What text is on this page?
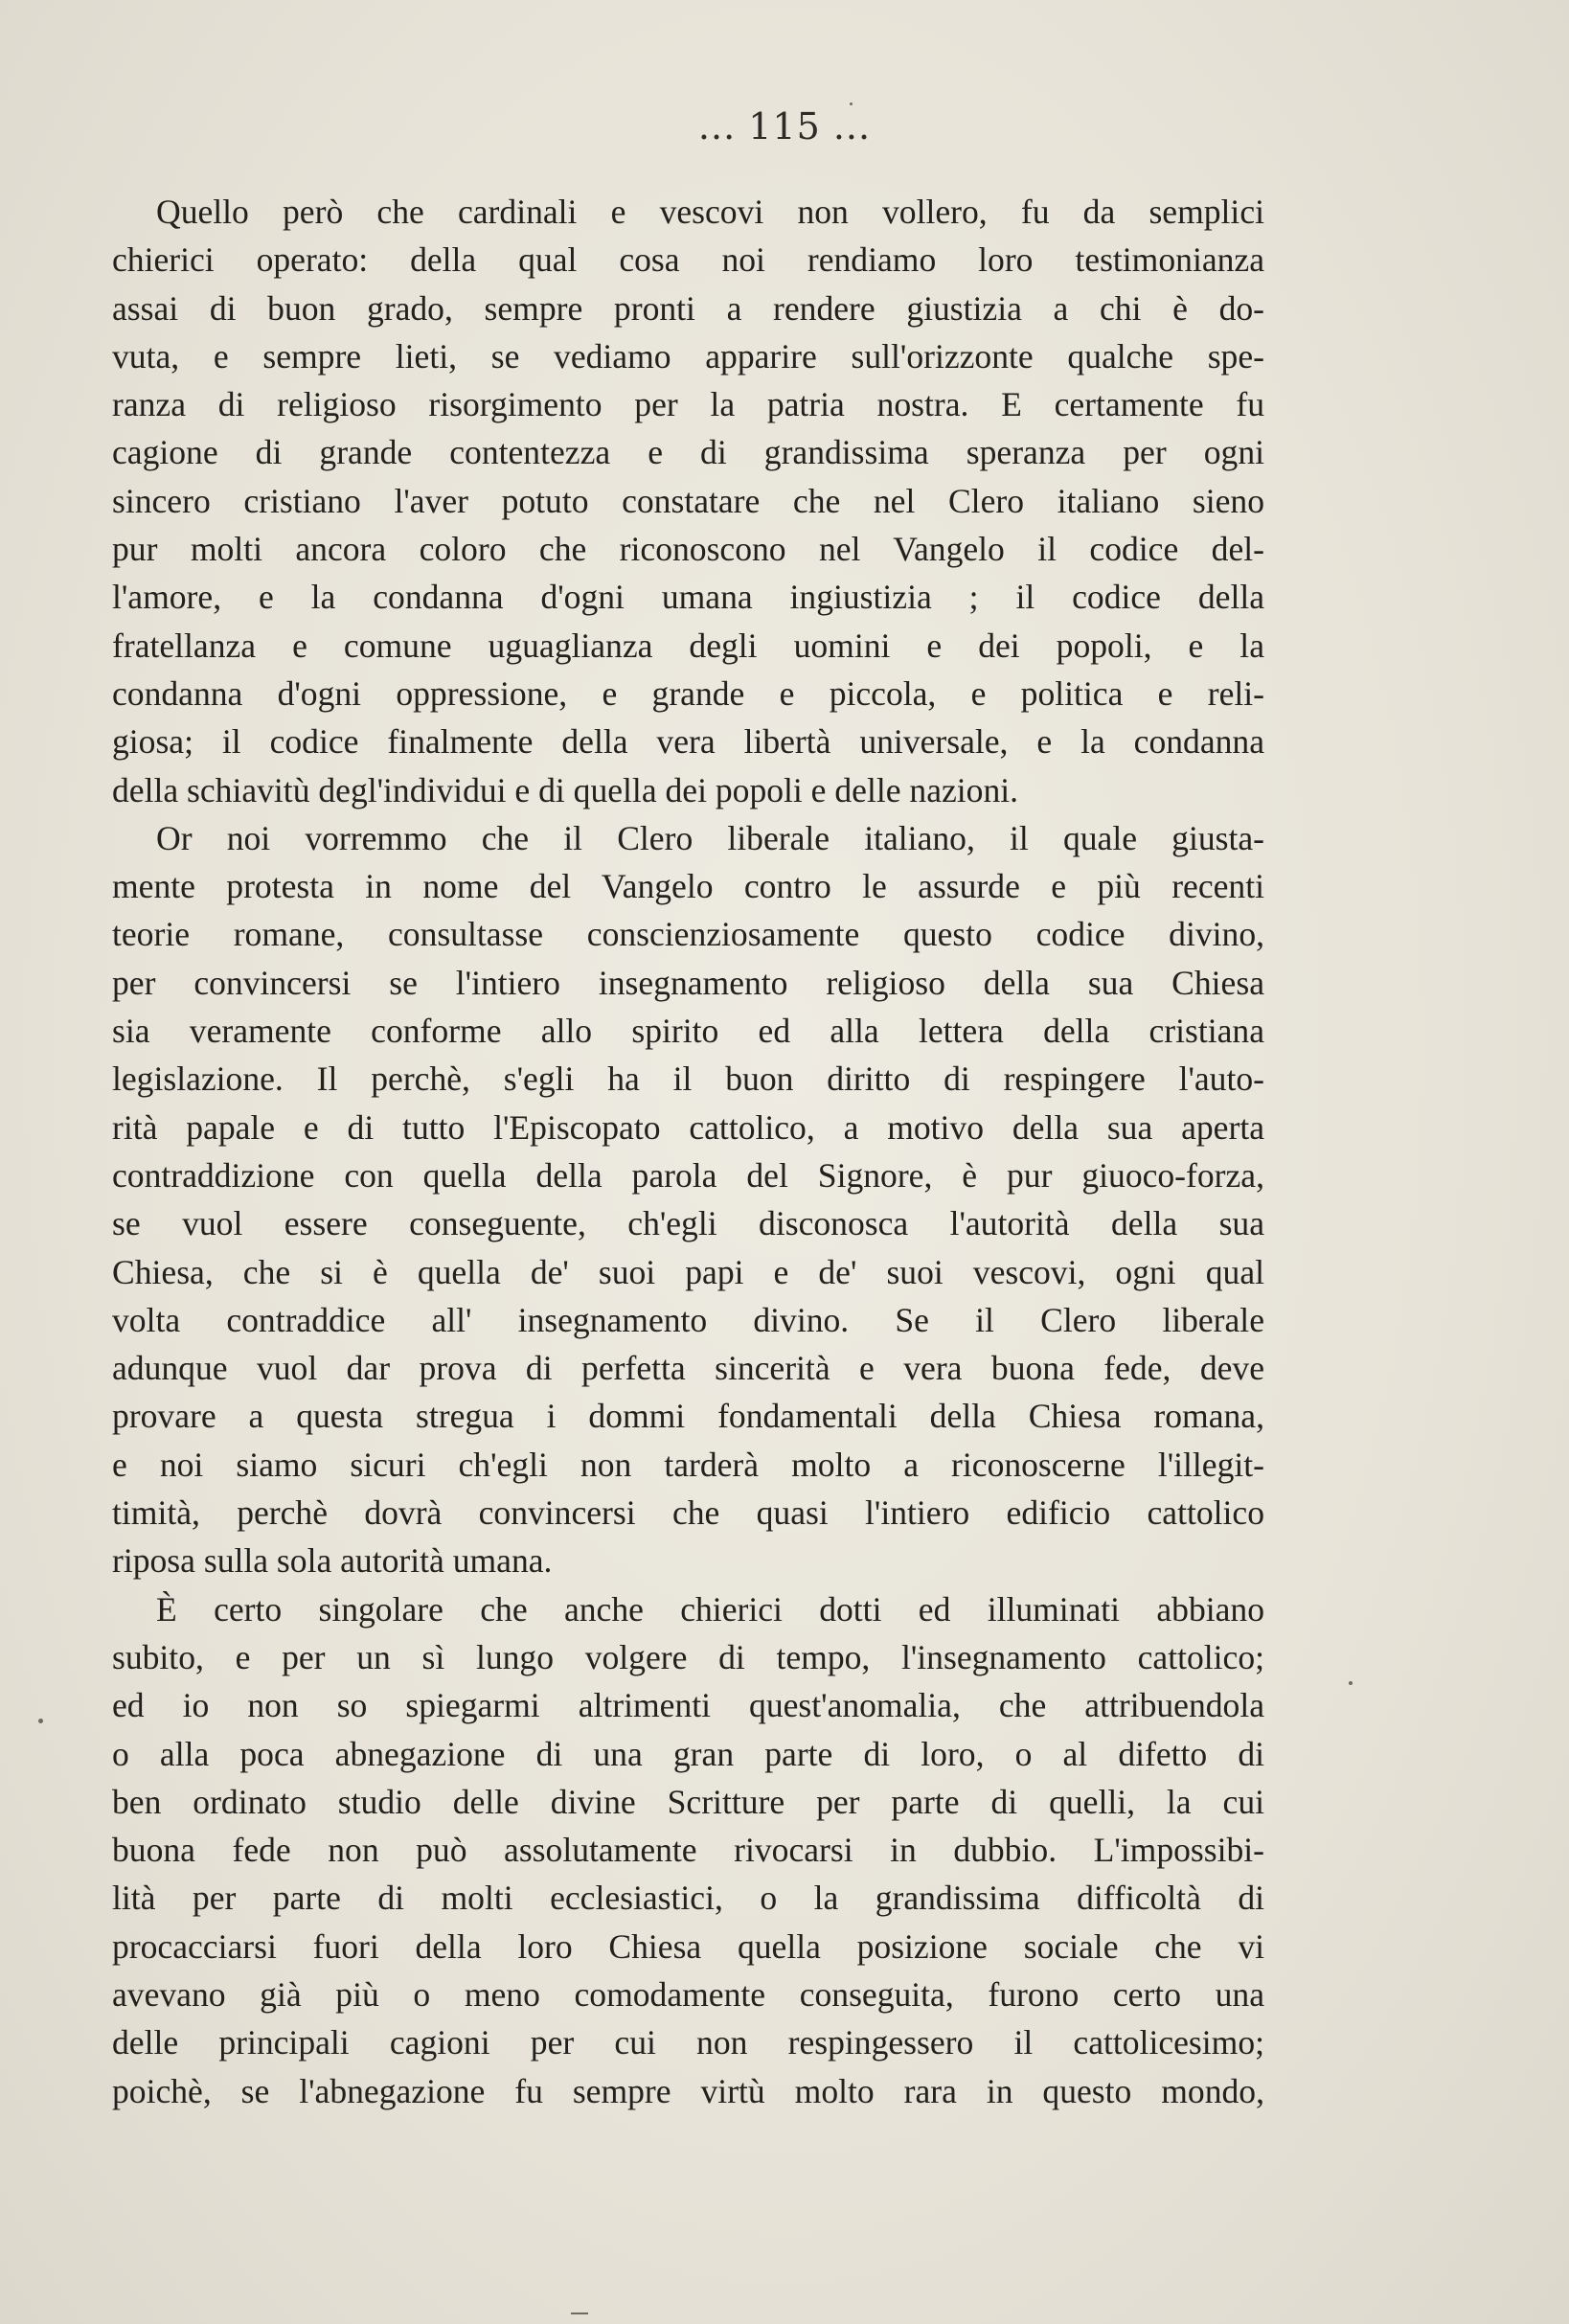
... 115 ...
Quello però che cardinali e vescovi non vollero, fu da semplici
chierici operato: della qual cosa noi rendiamo loro testimonianza
assai di buon grado, sempre pronti a rendere giustizia a chi è do-
vuta, e sempre lieti, se vediamo apparire sull'orizzonte qualche spe-
ranza di religioso risorgimento per la patria nostra. E certamente fu
cagione di grande contentezza e di grandissima speranza per ogni
sincero cristiano l'aver potuto constatare che nel Clero italiano sieno
pur molti ancora coloro che riconoscono nel Vangelo il codice del-
l'amore, e la condanna d'ogni umana ingiustizia ; il codice della
fratellanza e comune uguaglianza degli uomini e dei popoli, e la
condanna d'ogni oppressione, e grande e piccola, e politica e reli-
giosa; il codice finalmente della vera libertà universale, e la condanna
della schiavitù degl'individui e di quella dei popoli e delle nazioni.
Or noi vorremmo che il Clero liberale italiano, il quale giusta-
mente protesta in nome del Vangelo contro le assurde e più recenti
teorie romane, consultasse conscienziosamente questo codice divino,
per convincersi se l'intiero insegnamento religioso della sua Chiesa
sia veramente conforme allo spirito ed alla lettera della cristiana
legislazione. Il perchè, s'egli ha il buon diritto di respingere l'auto-
rità papale e di tutto l'Episcopato cattolico, a motivo della sua aperta
contraddizione con quella della parola del Signore, è pur giuoco-forza,
se vuol essere conseguente, ch'egli disconosca l'autorità della sua
Chiesa, che si è quella de' suoi papi e de' suoi vescovi, ogni qual
volta contraddice all' insegnamento divino. Se il Clero liberale
adunque vuol dar prova di perfetta sincerità e vera buona fede, deve
provare a questa stregua i dommi fondamentali della Chiesa romana,
e noi siamo sicuri ch'egli non tarderà molto a riconoscerne l'illegit-
timità, perchè dovrà convincersi che quasi l'intiero edificio cattolico
riposa sulla sola autorità umana.
È certo singolare che anche chierici dotti ed illuminati abbiano
subito, e per un sì lungo volgere di tempo, l'insegnamento cattolico;
ed io non so spiegarmi altrimenti quest'anomalia, che attribuendola
o alla poca abnegazione di una gran parte di loro, o al difetto di
ben ordinato studio delle divine Scritture per parte di quelli, la cui
buona fede non può assolutamente rivocarsi in dubbio. L'impossibi-
lità per parte di molti ecclesiastici, o la grandissima difficoltà di
procacciarsi fuori della loro Chiesa quella posizione sociale che vi
avevano già più o meno comodamente conseguita, furono certo una
delle principali cagioni per cui non respingessero il cattolicesimo;
poichè, se l'abnegazione fu sempre virtù molto rara in questo mondo,
